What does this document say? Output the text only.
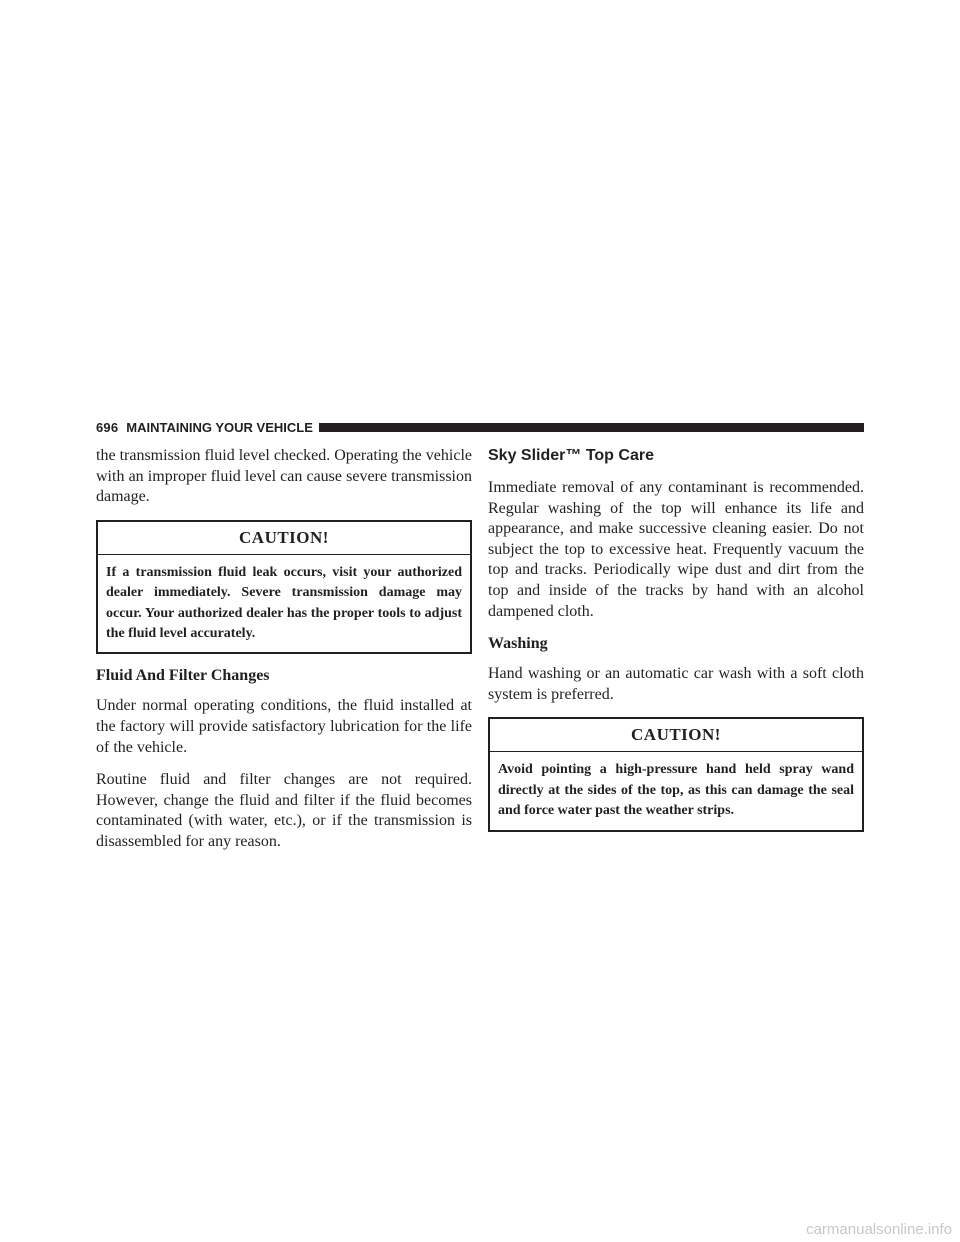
696 MAINTAINING YOUR VEHICLE

the transmission fluid level checked. Operating the vehicle with an improper fluid level can cause severe transmission damage.

CAUTION!

If a transmission fluid leak occurs, visit your authorized dealer immediately. Severe transmission damage may occur. Your authorized dealer has the proper tools to adjust the fluid level accurately.

Fluid And Filter Changes

Under normal operating conditions, the fluid installed at the factory will provide satisfactory lubrication for the life of the vehicle.

Routine fluid and filter changes are not required. However, change the fluid and filter if the fluid becomes contaminated (with water, etc.), or if the transmission is disassembled for any reason.

Sky Slider™ Top Care

Immediate removal of any contaminant is recommended. Regular washing of the top will enhance its life and appearance, and make successive cleaning easier. Do not subject the top to excessive heat. Frequently vacuum the top and tracks. Periodically wipe dust and dirt from the top and inside of the tracks by hand with an alcohol dampened cloth.

Washing

Hand washing or an automatic car wash with a soft cloth system is preferred.

CAUTION!

Avoid pointing a high-pressure hand held spray wand directly at the sides of the top, as this can damage the seal and force water past the weather strips.

carmanualsonline.info
